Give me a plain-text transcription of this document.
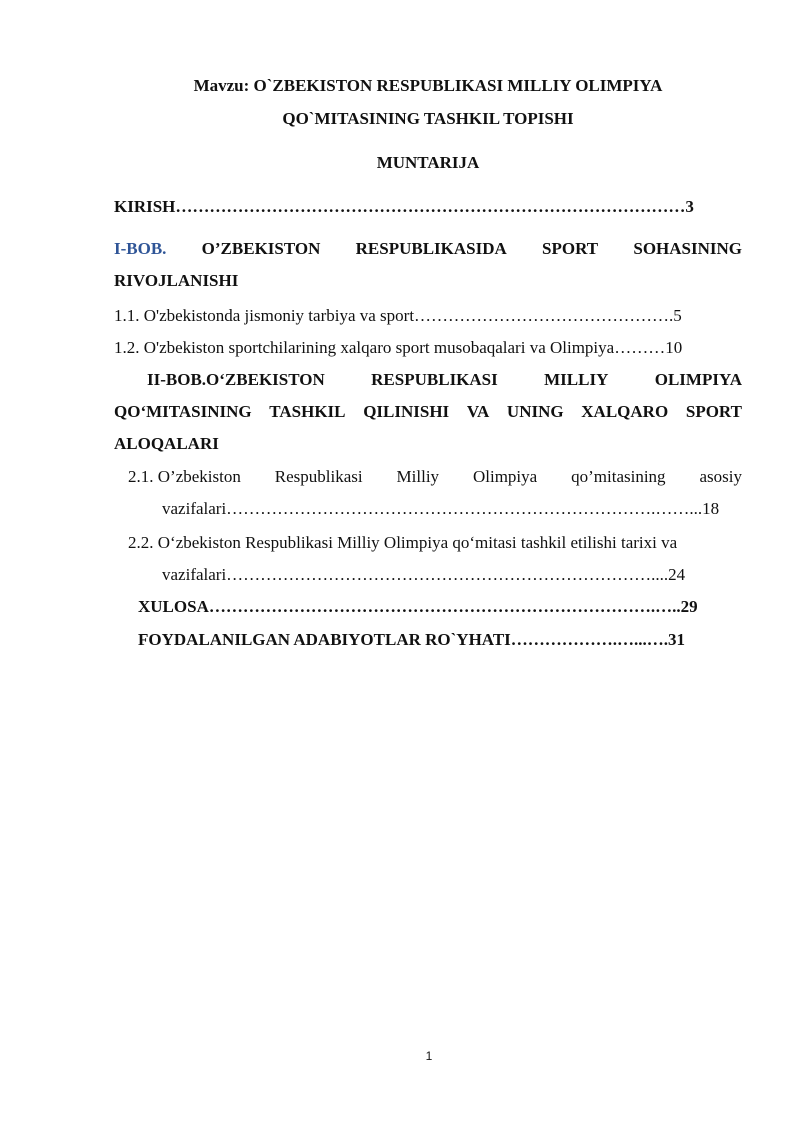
Mavzu: O`ZBEKISTON RESPUBLIKASI MILLIY OLIMPIYA
QO`MITASINING TASHKIL TOPISHI
MUNTARIJA
KIRISH………………………………………………………………………………3
I-BOB. O’ZBEKISTON RESPUBLIKASIDA SPORT SOHASINING
RIVOJLANISHI
1.1. O'zbekistonda jismoniy tarbiya va sport……………………………………….5
1.2. O'zbekiston sportchilarining xalqaro sport musobaqalari va Olimpiya………10
II-BOB.O‘ZBEKISTON	RESPUBLIKASI	MILLIY	OLIMPIYA
QO‘MITASINING TASHKIL QILINISHI VA UNING XALQARO SPORT
ALOQALARI
2.1. O’zbekiston Respublikasi Milliy Olimpiya qo’mitasining asosiy
vazifalari………………………………………………………………….……...18
2.2. O‘zbekiston Respublikasi Milliy Olimpiya qo‘mitasi tashkil etilishi tarixi va
vazifalari…………………………………………………………………....24
XULOSA…………………………………………………………………….…..29
FOYDALANILGAN ADABIYOTLAR RO`YHATI……………….…...….31
1
